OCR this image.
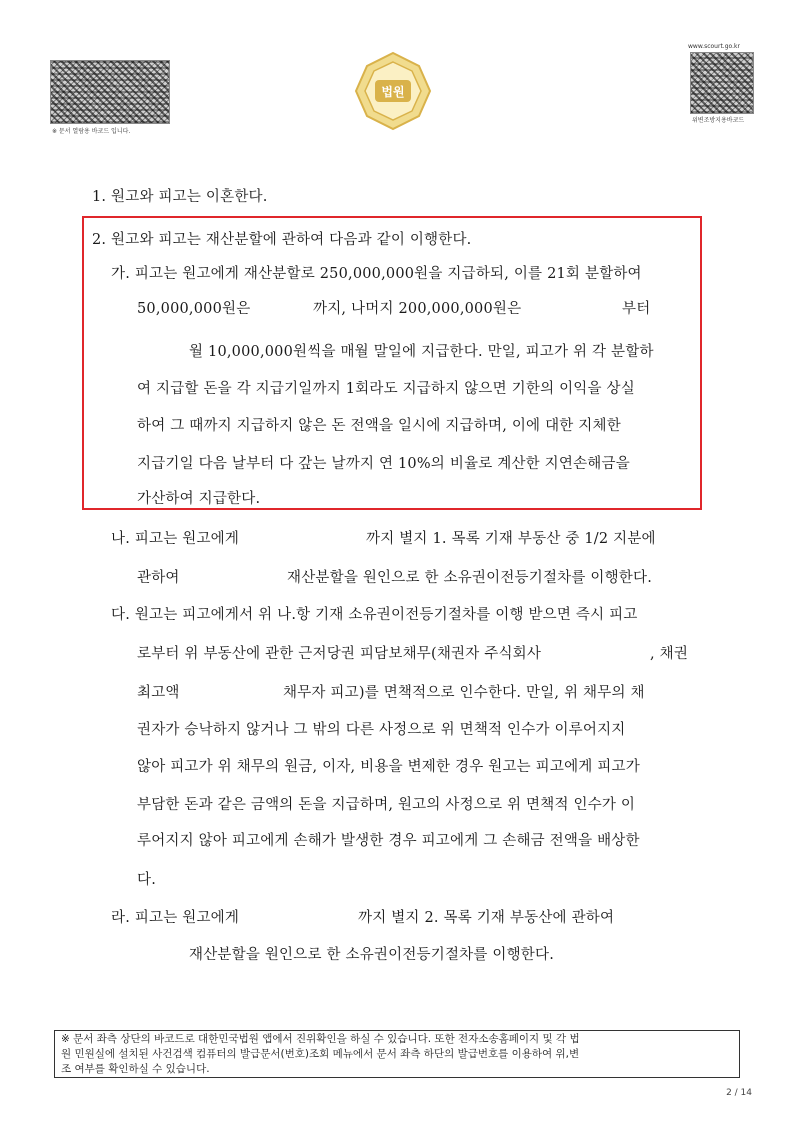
※ 문서 열람용 바코드 입니다.
법원
www.scourt.go.kr
위변조방지용바코드
1. 원고와 피고는 이혼한다.
2. 원고와 피고는 재산분할에 관하여 다음과 같이 이행한다.
가. 피고는 원고에게 재산분할로 250,000,000원을 지급하되, 이를 21회 분할하여
50,000,000원은	까지, 나머지 200,000,000원은	부터
월 10,000,000원씩을 매월 말일에 지급한다. 만일, 피고가 위 각 분할하
여 지급할 돈을 각 지급기일까지 1회라도 지급하지 않으면 기한의 이익을 상실
하여 그 때까지 지급하지 않은 돈 전액을 일시에 지급하며, 이에 대한 지체한
지급기일 다음 날부터 다 갚는 날까지 연 10%의 비율로 계산한 지연손해금을
가산하여 지급한다.
나. 피고는 원고에게	까지 별지 1. 목록 기재 부동산 중 1/2 지분에
관하여	재산분할을 원인으로 한 소유권이전등기절차를 이행한다.
다. 원고는 피고에게서 위 나.항 기재 소유권이전등기절차를 이행 받으면 즉시 피고
로부터 위 부동산에 관한 근저당권 피담보채무(채권자 주식회사	, 채권
최고액	채무자 피고)를 면책적으로 인수한다. 만일, 위 채무의 채
권자가 승낙하지 않거나 그 밖의 다른 사정으로 위 면책적 인수가 이루어지지
않아 피고가 위 채무의 원금, 이자, 비용을 변제한 경우 원고는 피고에게 피고가
부담한 돈과 같은 금액의 돈을 지급하며, 원고의 사정으로 위 면책적 인수가 이
루어지지 않아 피고에게 손해가 발생한 경우 피고에게 그 손해금 전액을 배상한
다.
라. 피고는 원고에게	까지 별지 2. 목록 기재 부동산에 관하여
재산분할을 원인으로 한 소유권이전등기절차를 이행한다.
※ 문서 좌측 상단의 바코드로 대한민국법원 앱에서 진위확인을 하실 수 있습니다. 또한 전자소송홈페이지 및 각 법
원 민원실에 설치된 사건검색 컴퓨터의 발급문서(번호)조회 메뉴에서 문서 좌측 하단의 발급번호를 이용하여 위,변
조 여부를 확인하실 수 있습니다.
2 / 14
